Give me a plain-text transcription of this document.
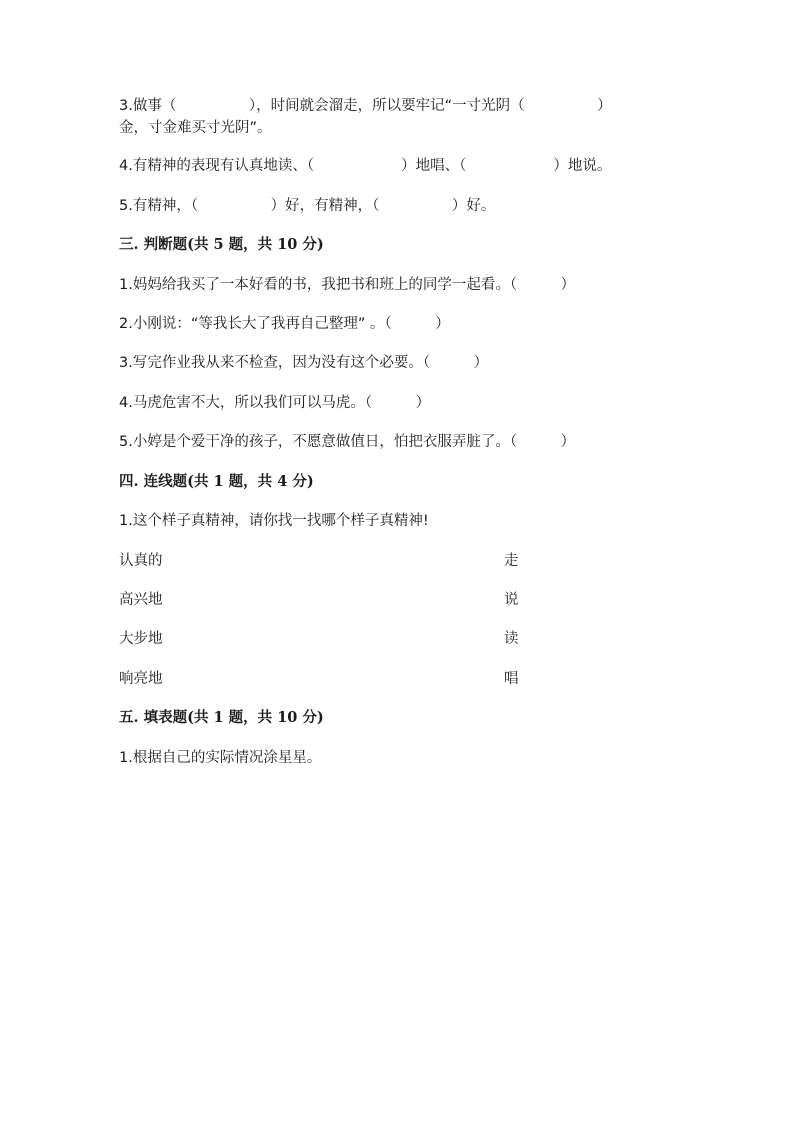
3.做事（　　　　　），时间就会溜走，所以要牢记“一寸光阴（　　　　　）
金，寸金难买寸光阴”。
4.有精神的表现有认真地读、（　　　　　　）地唱、（　　　　　　）地说。
5.有精神，（　　　　　）好，有精神，（　　　　　）好。
三. 判断题(共 5 题，共 10 分)
1.妈妈给我买了一本好看的书，我把书和班上的同学一起看。（　　　）
2.小刚说：“等我长大了我再自己整理” 。（　　　）
3.写完作业我从来不检查，因为没有这个必要。（　　　）
4.马虎危害不大，所以我们可以马虎。（　　　）
5.小婷是个爱干净的孩子，不愿意做值日，怕把衣服弄脏了。（　　　）
四. 连线题(共 1 题，共 4 分)
1.这个样子真精神，请你找一找哪个样子真精神!
认真的	走
高兴地	说
大步地	读
响亮地	唱
五. 填表题(共 1 题，共 10 分)
1.根据自己的实际情况涂星星。
